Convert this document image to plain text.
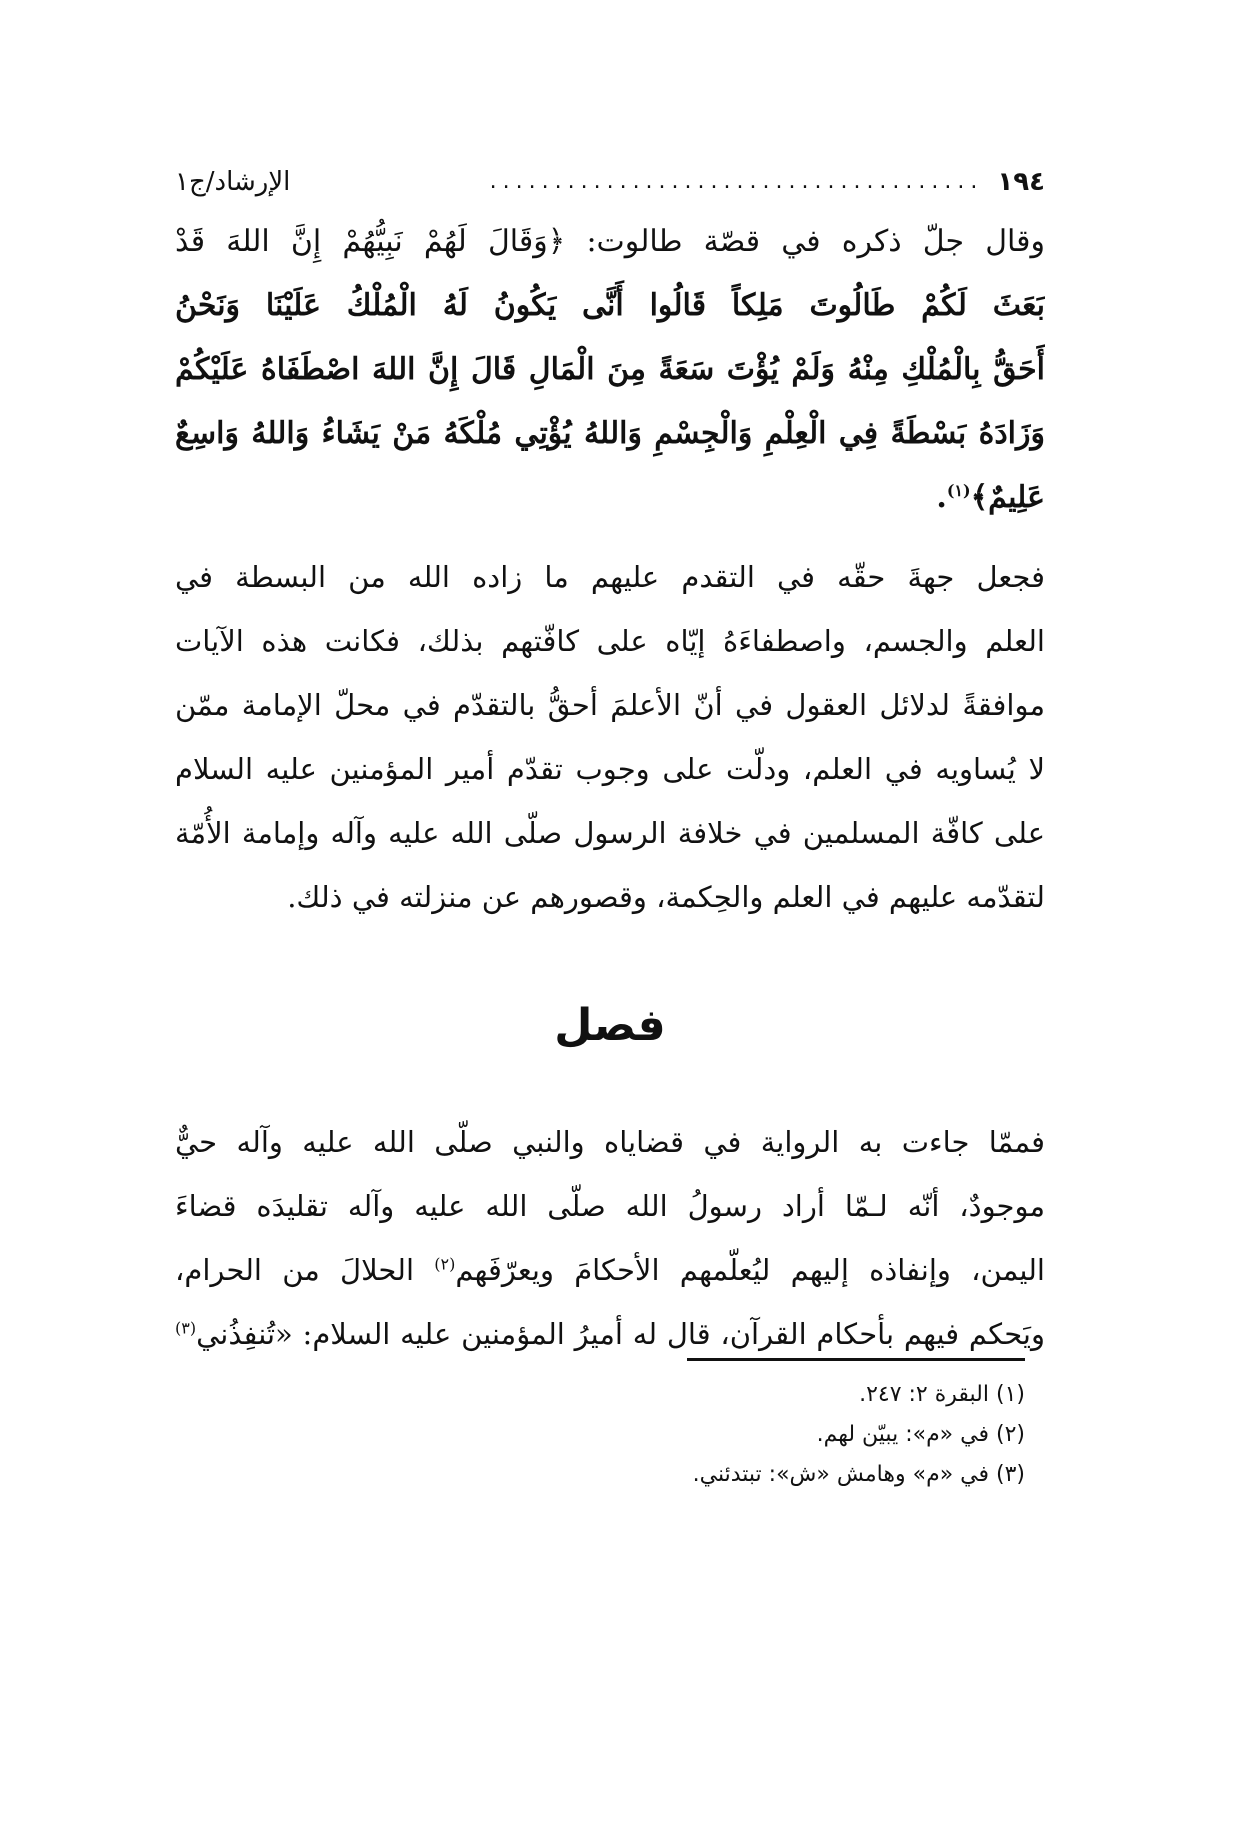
١٩٤
......................................
الإرشاد/ج١
وقال جلّ ذكره في قصّة طالوت: ﴿وَقَالَ لَهُمْ نَبِيُّهُمْ إِنَّ اللهَ قَدْ
بَعَثَ لَكُمْ طَالُوتَ مَلِكاً قَالُوا أَنَّى يَكُونُ لَهُ الْمُلْكُ عَلَيْنَا وَنَحْنُ
أَحَقُّ بِالْمُلْكِ مِنْهُ وَلَمْ يُؤْتَ سَعَةً مِنَ الْمَالِ قَالَ إِنَّ اللهَ اصْطَفَاهُ عَلَيْكُمْ
وَزَادَهُ بَسْطَةً فِي الْعِلْمِ وَالْجِسْمِ وَاللهُ يُؤْتِي مُلْكَهُ مَنْ يَشَاءُ وَاللهُ وَاسِعٌ
عَلِيمٌ﴾$^{(١)}$.
فجعل جهةَ حقّه في التقدم عليهم ما زاده الله من البسطة في
العلم والجسم، واصطفاءَهُ إيّاه على كافّتهم بذلك، فكانت هذه الآيات
موافقةً لدلائل العقول في أنّ الأعلمَ أحقُّ بالتقدّم في محلّ الإمامة ممّن
لا يُساويه في العلم، ودلّت على وجوب تقدّم أمير المؤمنين عليه السلام
على كافّة المسلمين في خلافة الرسول صلّى الله عليه وآله وإمامة الأُمّة
لتقدّمه عليهم في العلم والحِكمة، وقصورهم عن منزلته في ذلك.
فصل
فممّا جاءت به الرواية في قضاياه والنبي صلّى الله عليه وآله حيٌّ
موجودٌ، أنّه لـمّا أراد رسولُ الله صلّى الله عليه وآله تقليدَه قضاءَ
اليمن، وإنفاذه إليهم ليُعلّمهم الأحكامَ ويعرّفَهم$^{(٢)}$ الحلالَ من الحرام،
ويَحكم فيهم بأحكام القرآن، قال له أميرُ المؤمنين عليه السلام: «تُنفِذُني$^{(٣)}$
(١) البقرة ٢: ٢٤٧.
(٢) في «م»: يبيّن لهم.
(٣) في «م» وهامش «ش»: تبتدئني.
